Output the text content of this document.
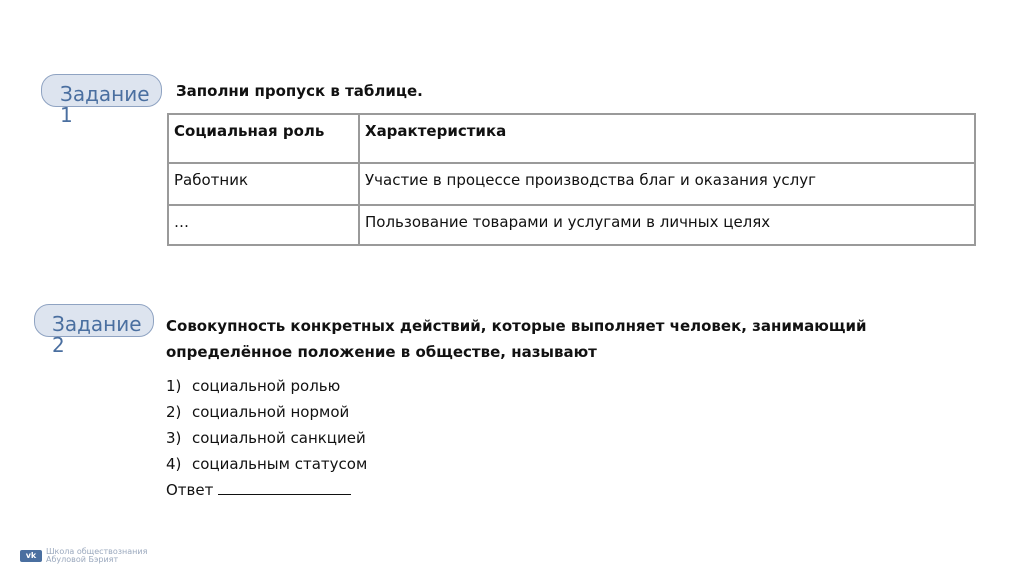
Задание 1
Заполни пропуск в таблице.
Социальная роль	Характеристика
Работник	Участие в процессе производства благ и оказания услуг
…	Пользование товарами и услугами в личных целях
Задание 2
Совокупность конкретных действий, которые выполняет человек, занимающий определённое положение в обществе, называют
1) социальной ролью
2) социальной нормой
3) социальной санкцией
4) социальным статусом
Ответ
vk	Школа обществознания
Абуловой Бэрият
